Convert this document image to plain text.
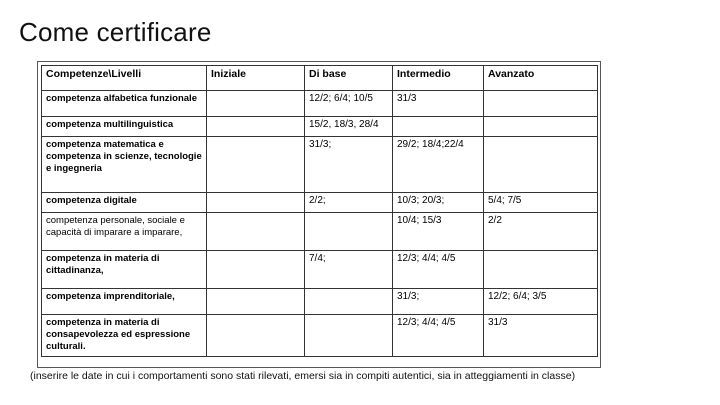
Come certificare
Competenze\Livelli	Iniziale	Di base	Intermedio	Avanzato
competenza alfabetica funzionale		12/2; 6/4; 10/5	31/3	
competenza multilinguistica		15/2, 18/3, 28/4		
competenza matematica e competenza in scienze, tecnologie e ingegneria		31/3;	29/2; 18/4;22/4	
competenza digitale		2/2;	10/3; 20/3;	5/4; 7/5
competenza personale, sociale e capacità di imparare a imparare,			10/4; 15/3	2/2
competenza in materia di cittadinanza,		7/4;	12/3; 4/4; 4/5	
competenza imprenditoriale,			31/3;	12/2; 6/4; 3/5
competenza in materia di consapevolezza ed espressione culturali.			12/3; 4/4; 4/5	31/3
(inserire le date in cui i comportamenti sono stati rilevati, emersi sia in compiti autentici, sia in atteggiamenti in classe)
